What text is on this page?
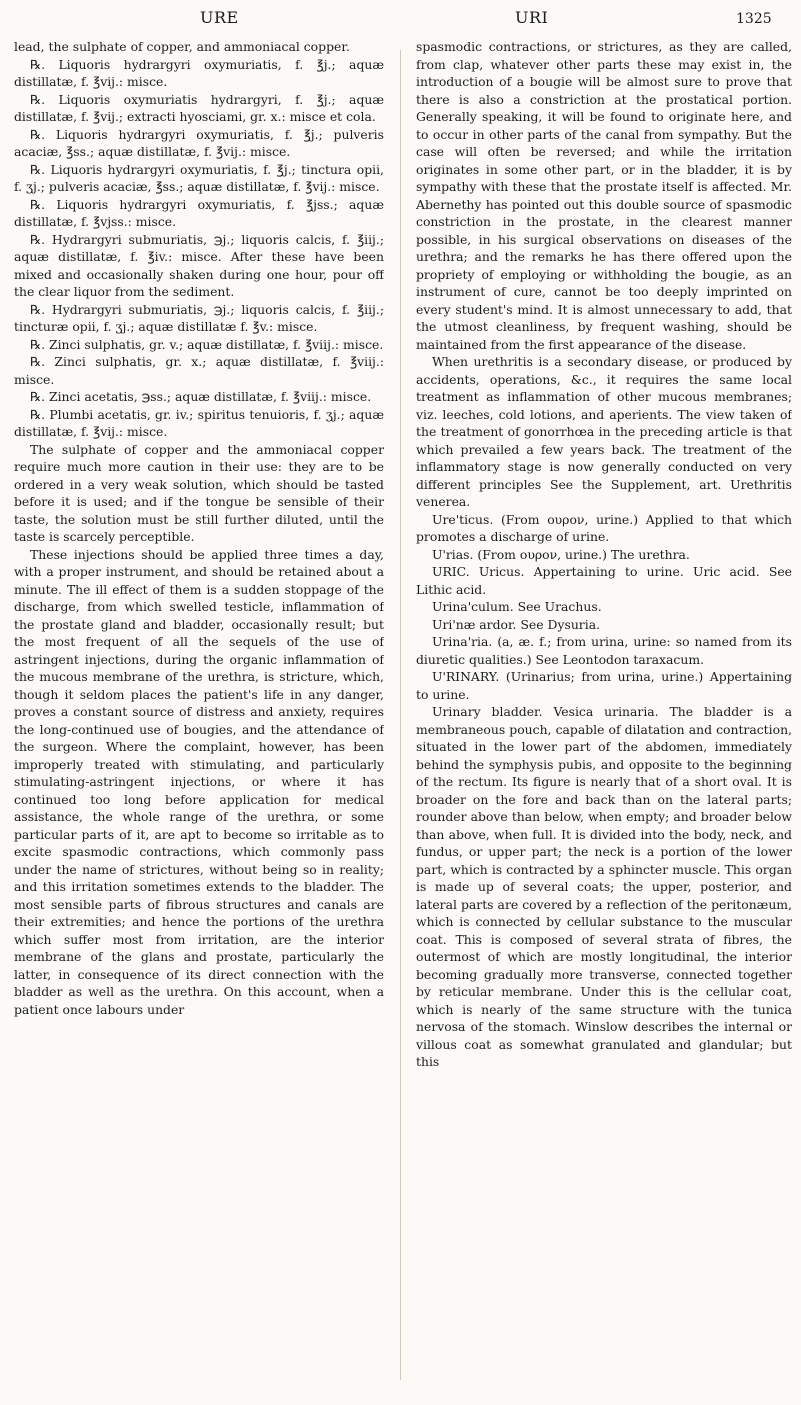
URE	URI	1325

lead, the sulphate of copper, and ammoniacal copper.

℞. Liquoris hydrargyri oxymuriatis, f. ℥j.; aquæ distillatæ, f. ℥vij.: misce.

℞. Liquoris oxymuriatis hydrargyri, f. ℥j.; aquæ distillatæ, f. ℥vij.; extracti hyosciami, gr. x.: misce et cola.

℞. Liquoris hydrargyri oxymuriatis, f. ℥j.; pulveris acaciæ, ℥ss.; aquæ distillatæ, f. ℥vij.: misce.

℞. Liquoris hydrargyri oxymuriatis, f. ℥j.; tinctura opii, f. ʒj.; pulveris acaciæ, ℥ss.; aquæ distillatæ, f. ℥vij.: misce.

℞. Liquoris hydrargyri oxymuriatis, f. ℥jss.; aquæ distillatæ, f. ℥vjss.: misce.

℞. Hydrargyri submuriatis, ℈j.; liquoris calcis, f. ℥iij.; aquæ distillatæ, f. ℥iv.: misce. After these have been mixed and occasionally shaken during one hour, pour off the clear liquor from the sediment.

℞. Hydrargyri submuriatis, ℈j.; liquoris calcis, f. ℥iij.; tincturæ opii, f. ʒj.; aquæ distillatæ f. ℥v.: misce.

℞. Zinci sulphatis, gr. v.; aquæ distillatæ, f. ℥viij.: misce.

℞. Zinci sulphatis, gr. x.; aquæ distillatæ, f. ℥viij.: misce.

℞. Zinci acetatis, ℈ss.; aquæ distillatæ, f. ℥viij.: misce.

℞. Plumbi acetatis, gr. iv.; spiritus tenuioris, f. ʒj.; aquæ distillatæ, f. ℥vij.: misce.

The sulphate of copper and the ammoniacal copper require much more caution in their use: they are to be ordered in a very weak solution, which should be tasted before it is used; and if the tongue be sensible of their taste, the solution must be still further diluted, until the taste is scarcely perceptible.

These injections should be applied three times a day, with a proper instrument, and should be retained about a minute. The ill effect of them is a sudden stoppage of the discharge, from which swelled testicle, inflammation of the prostate gland and bladder, occasionally result; but the most frequent of all the sequels of the use of astringent injections, during the organic inflammation of the mucous membrane of the urethra, is stricture, which, though it seldom places the patient's life in any danger, proves a constant source of distress and anxiety, requires the long-continued use of bougies, and the attendance of the surgeon. Where the complaint, however, has been improperly treated with stimulating, and particularly stimulating-astringent injections, or where it has continued too long before application for medical assistance, the whole range of the urethra, or some particular parts of it, are apt to become so irritable as to excite spasmodic contractions, which commonly pass under the name of strictures, without being so in reality; and this irritation sometimes extends to the bladder. The most sensible parts of fibrous structures and canals are their extremities; and hence the portions of the urethra which suffer most from irritation, are the interior membrane of the glans and prostate, particularly the latter, in consequence of its direct connection with the bladder as well as the urethra. On this account, when a patient once labours under

spasmodic contractions, or strictures, as they are called, from clap, whatever other parts these may exist in, the introduction of a bougie will be almost sure to prove that there is also a constriction at the prostatical portion. Generally speaking, it will be found to originate here, and to occur in other parts of the canal from sympathy. But the case will often be reversed; and while the irritation originates in some other part, or in the bladder, it is by sympathy with these that the prostate itself is affected. Mr. Abernethy has pointed out this double source of spasmodic constriction in the prostate, in the clearest manner possible, in his surgical observations on diseases of the urethra; and the remarks he has there offered upon the propriety of employing or withholding the bougie, as an instrument of cure, cannot be too deeply imprinted on every student's mind. It is almost unnecessary to add, that the utmost cleanliness, by frequent washing, should be maintained from the first appearance of the disease.

When urethritis is a secondary disease, or produced by accidents, operations, &c., it requires the same local treatment as inflammation of other mucous membranes; viz. leeches, cold lotions, and aperients. The view taken of the treatment of gonorrhœa in the preceding article is that which prevailed a few years back. The treatment of the inflammatory stage is now generally conducted on very different principles See the Supplement, art. Urethritis venerea.

Ure'ticus. (From ουρον, urine.) Applied to that which promotes a discharge of urine.

U'rias. (From ουρον, urine.) The urethra.

URIC. Uricus. Appertaining to urine. Uric acid. See Lithic acid.

Urina'culum. See Urachus.

Uri'næ ardor. See Dysuria.

Urina'ria. (a, æ. f.; from urina, urine: so named from its diuretic qualities.) See Leontodon taraxacum.

U'RINARY. (Urinarius; from urina, urine.) Appertaining to urine.

Urinary bladder. Vesica urinaria. The bladder is a membraneous pouch, capable of dilatation and contraction, situated in the lower part of the abdomen, immediately behind the symphysis pubis, and opposite to the beginning of the rectum. Its figure is nearly that of a short oval. It is broader on the fore and back than on the lateral parts; rounder above than below, when empty; and broader below than above, when full. It is divided into the body, neck, and fundus, or upper part; the neck is a portion of the lower part, which is contracted by a sphincter muscle. This organ is made up of several coats; the upper, posterior, and lateral parts are covered by a reflection of the peritonæum, which is connected by cellular substance to the muscular coat. This is composed of several strata of fibres, the outermost of which are mostly longitudinal, the interior becoming gradually more transverse, connected together by reticular membrane. Under this is the cellular coat, which is nearly of the same structure with the tunica nervosa of the stomach. Winslow describes the internal or villous coat as somewhat granulated and glandular; but this
